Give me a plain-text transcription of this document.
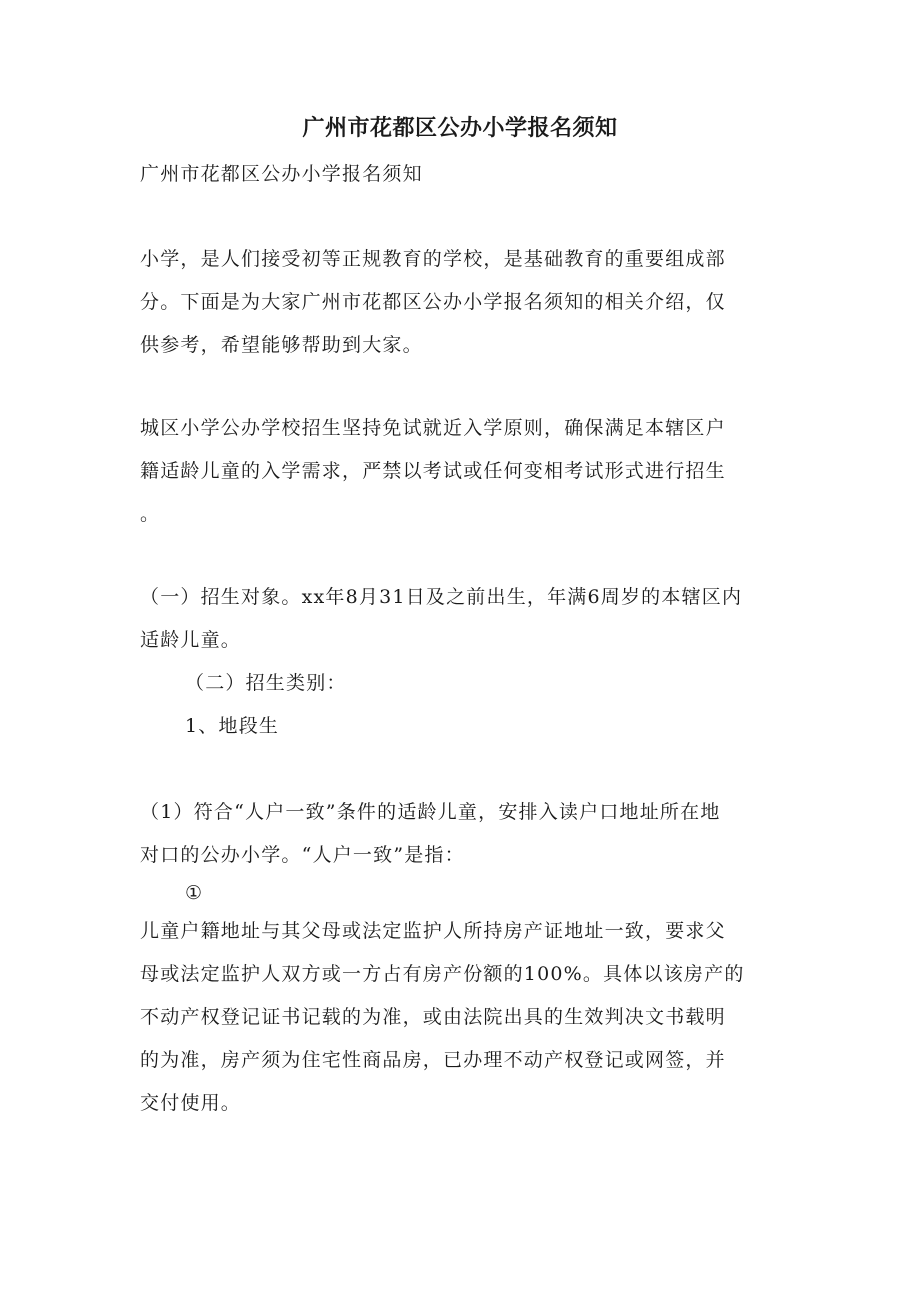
广州市花都区公办小学报名须知

广州市花都区公办小学报名须知

小学，是人们接受初等正规教育的学校，是基础教育的重要组成部
分。下面是为大家广州市花都区公办小学报名须知的相关介绍，仅
供参考，希望能够帮助到大家。

城区小学公办学校招生坚持免试就近入学原则，确保满足本辖区户
籍适龄儿童的入学需求，严禁以考试或任何变相考试形式进行招生
。

（一）招生对象。xx年8月31日及之前出生，年满6周岁的本辖区内
适龄儿童。

（二）招生类别：

1、地段生

（1）符合“人户一致”条件的适龄儿童，安排入读户口地址所在地
对口的公办小学。“人户一致”是指：

①

儿童户籍地址与其父母或法定监护人所持房产证地址一致，要求父
母或法定监护人双方或一方占有房产份额的100%。具体以该房产的
不动产权登记证书记载的为准，或由法院出具的生效判决文书载明
的为准，房产须为住宅性商品房，已办理不动产权登记或网签，并
交付使用。
